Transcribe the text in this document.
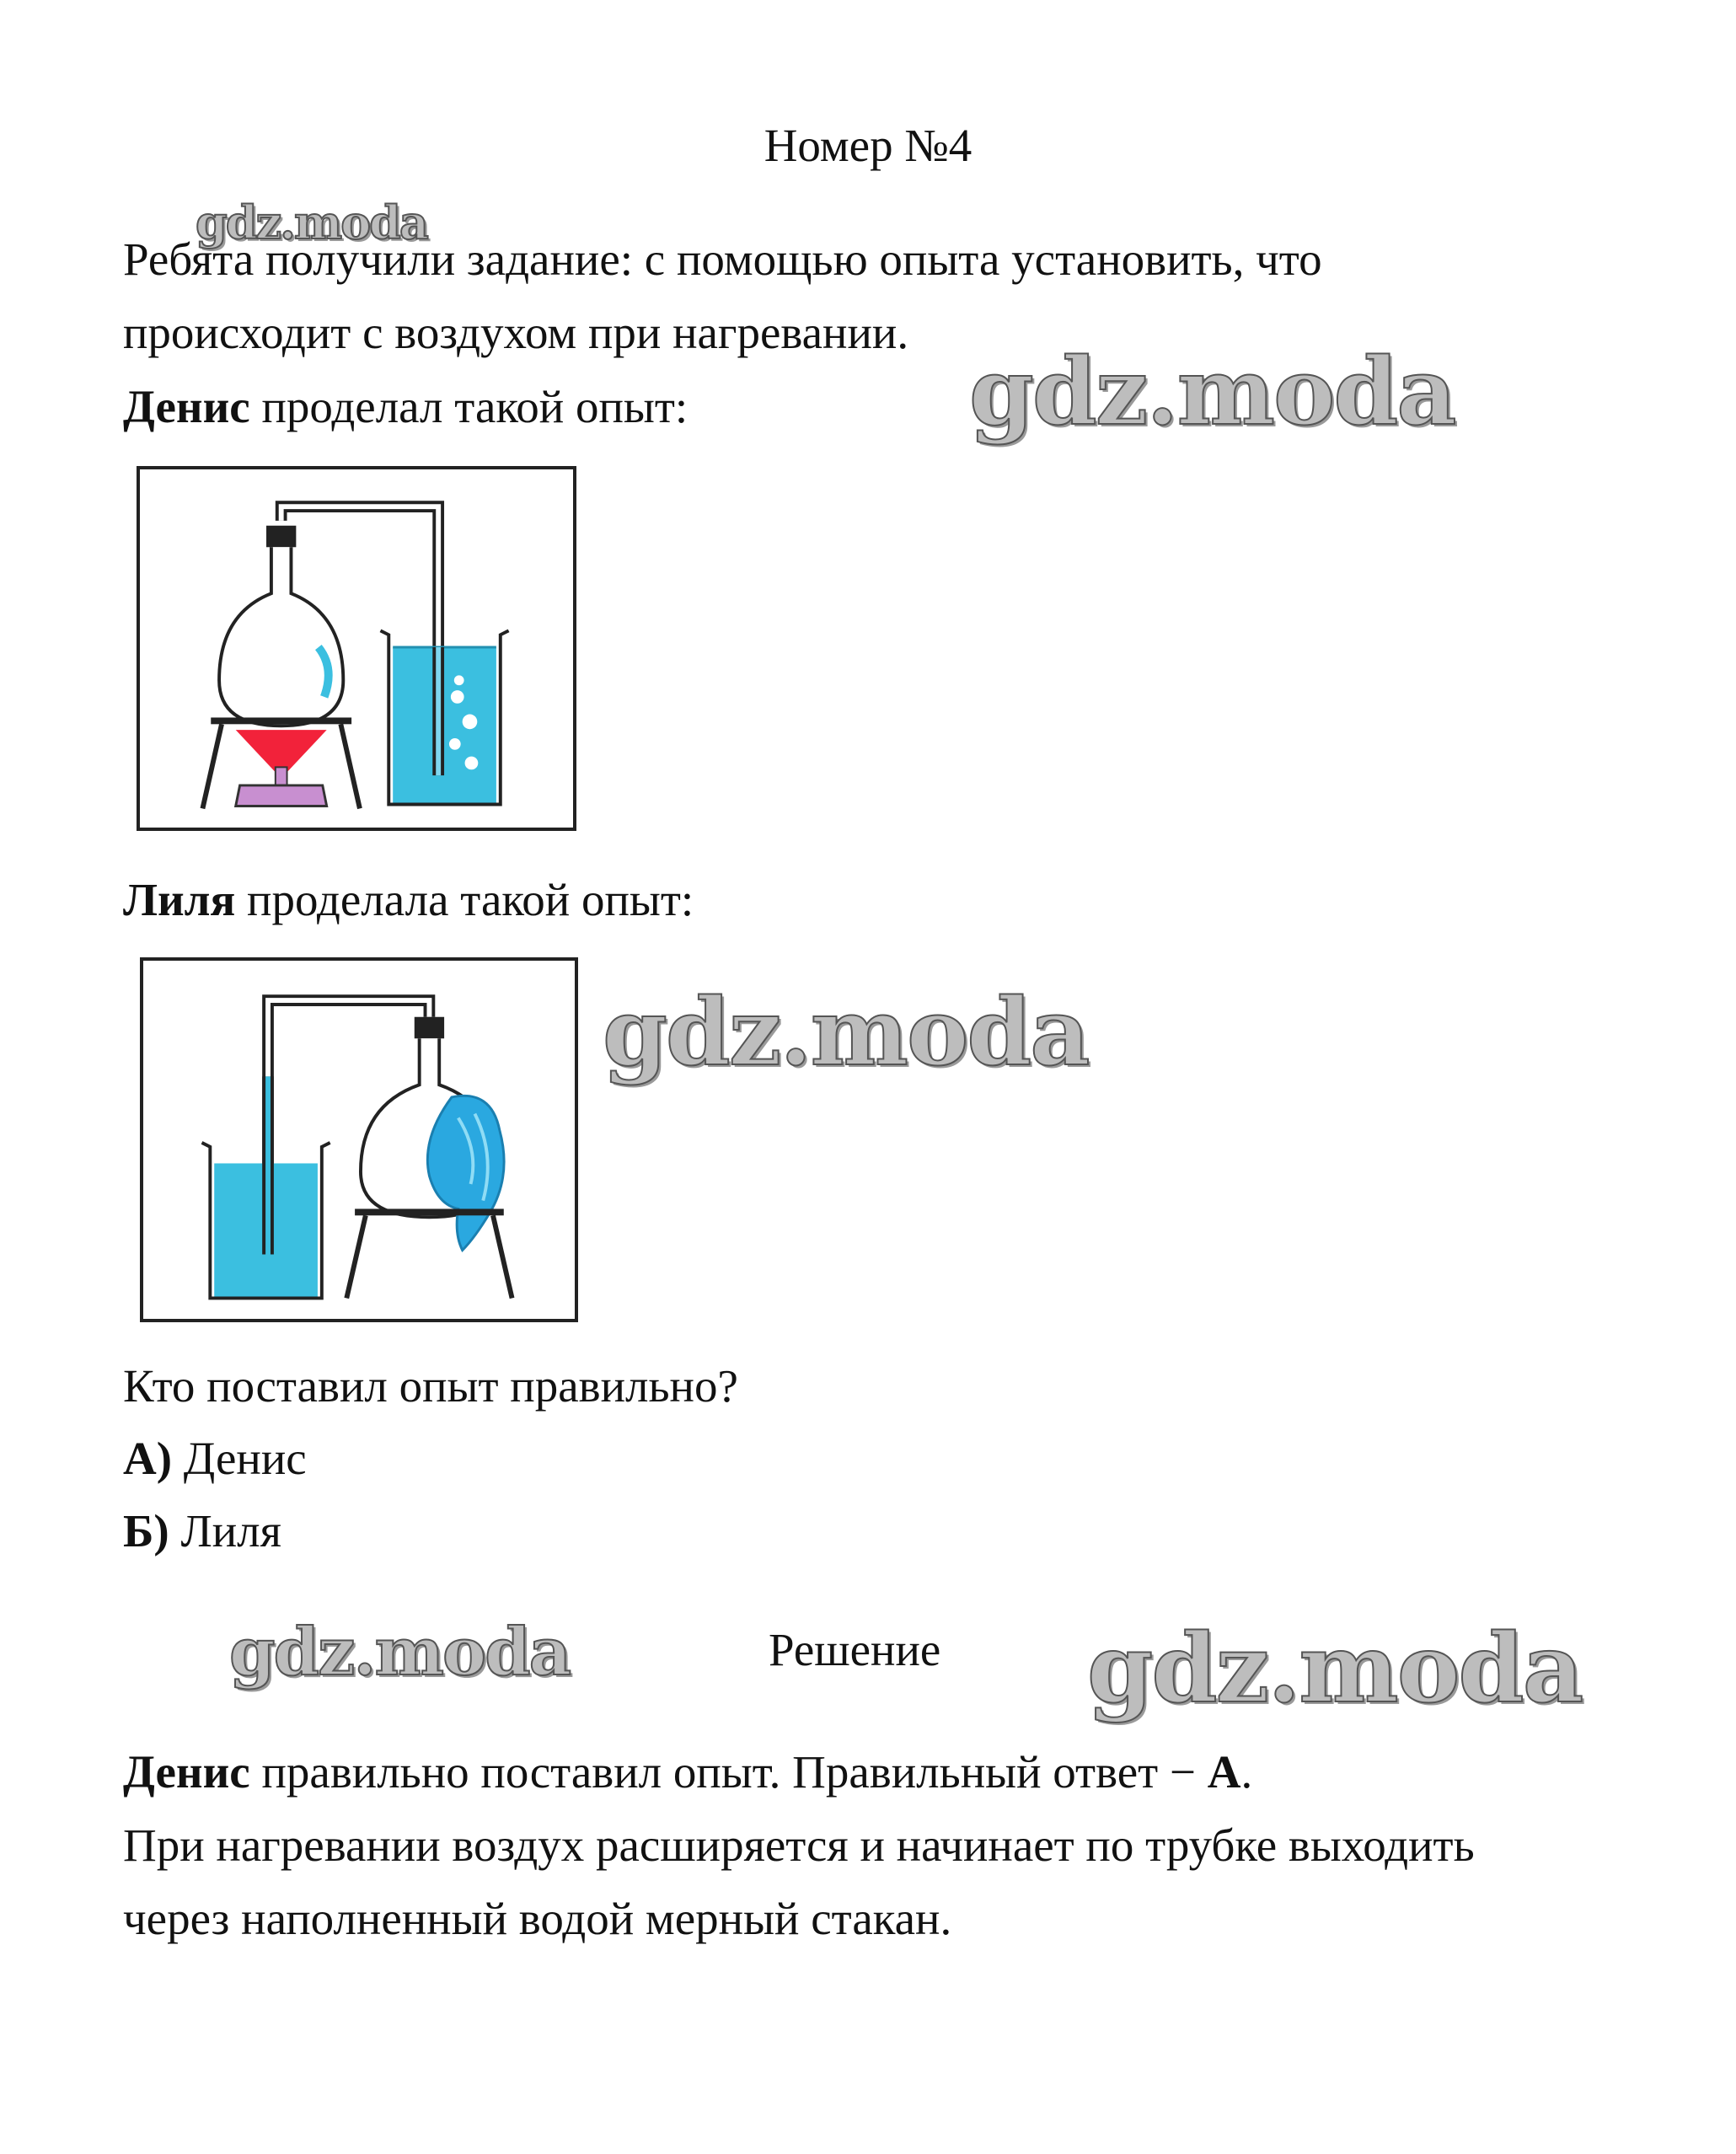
Номер №4
gdz.moda
Ребята получили задание: с помощью опыта установить, что
происходит с воздухом при нагревании.
Денис проделал такой опыт:	gdz.moda
Лиля проделала такой опыт:
gdz.moda
Кто поставил опыт правильно?
А) Денис
Б) Лиля
gdz.moda	Решение gdz.moda
Денис правильно поставил опыт. Правильный ответ − А.
При нагревании воздух расширяется и начинает по трубке выходить
через наполненный водой мерный стакан.
